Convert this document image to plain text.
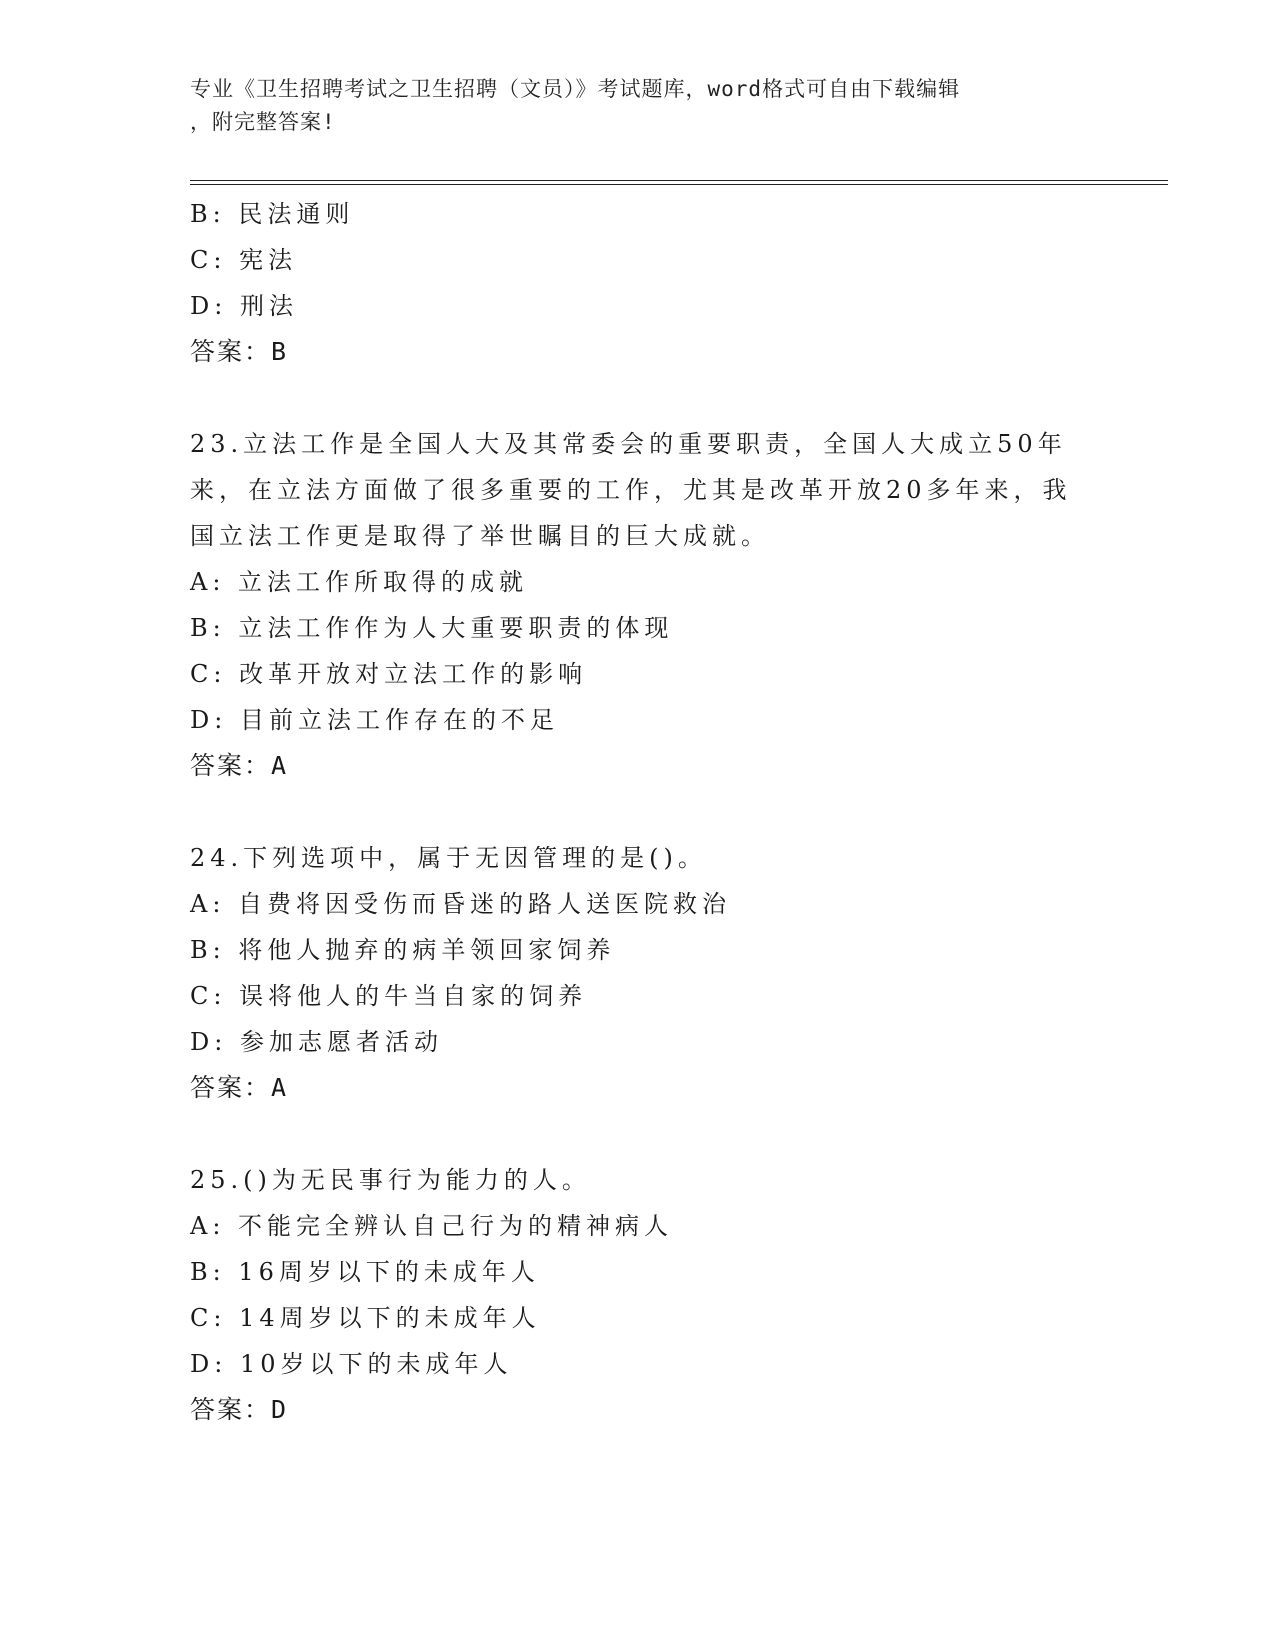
专业《卫生招聘考试之卫生招聘（文员）》考试题库，word格式可自由下载编辑
，附完整答案!
B: 民法通则
C: 宪法
D: 刑法
答案：B
23.立法工作是全国人大及其常委会的重要职责，全国人大成立50年
来，在立法方面做了很多重要的工作，尤其是改革开放20多年来，我
国立法工作更是取得了举世瞩目的巨大成就。
A: 立法工作所取得的成就
B: 立法工作作为人大重要职责的体现
C: 改革开放对立法工作的影响
D: 目前立法工作存在的不足
答案：A
24.下列选项中，属于无因管理的是()。
A: 自费将因受伤而昏迷的路人送医院救治
B: 将他人抛弃的病羊领回家饲养
C: 误将他人的牛当自家的饲养
D: 参加志愿者活动
答案：A
25.()为无民事行为能力的人。
A: 不能完全辨认自己行为的精神病人
B: 16周岁以下的未成年人
C: 14周岁以下的未成年人
D: 10岁以下的未成年人
答案：D
